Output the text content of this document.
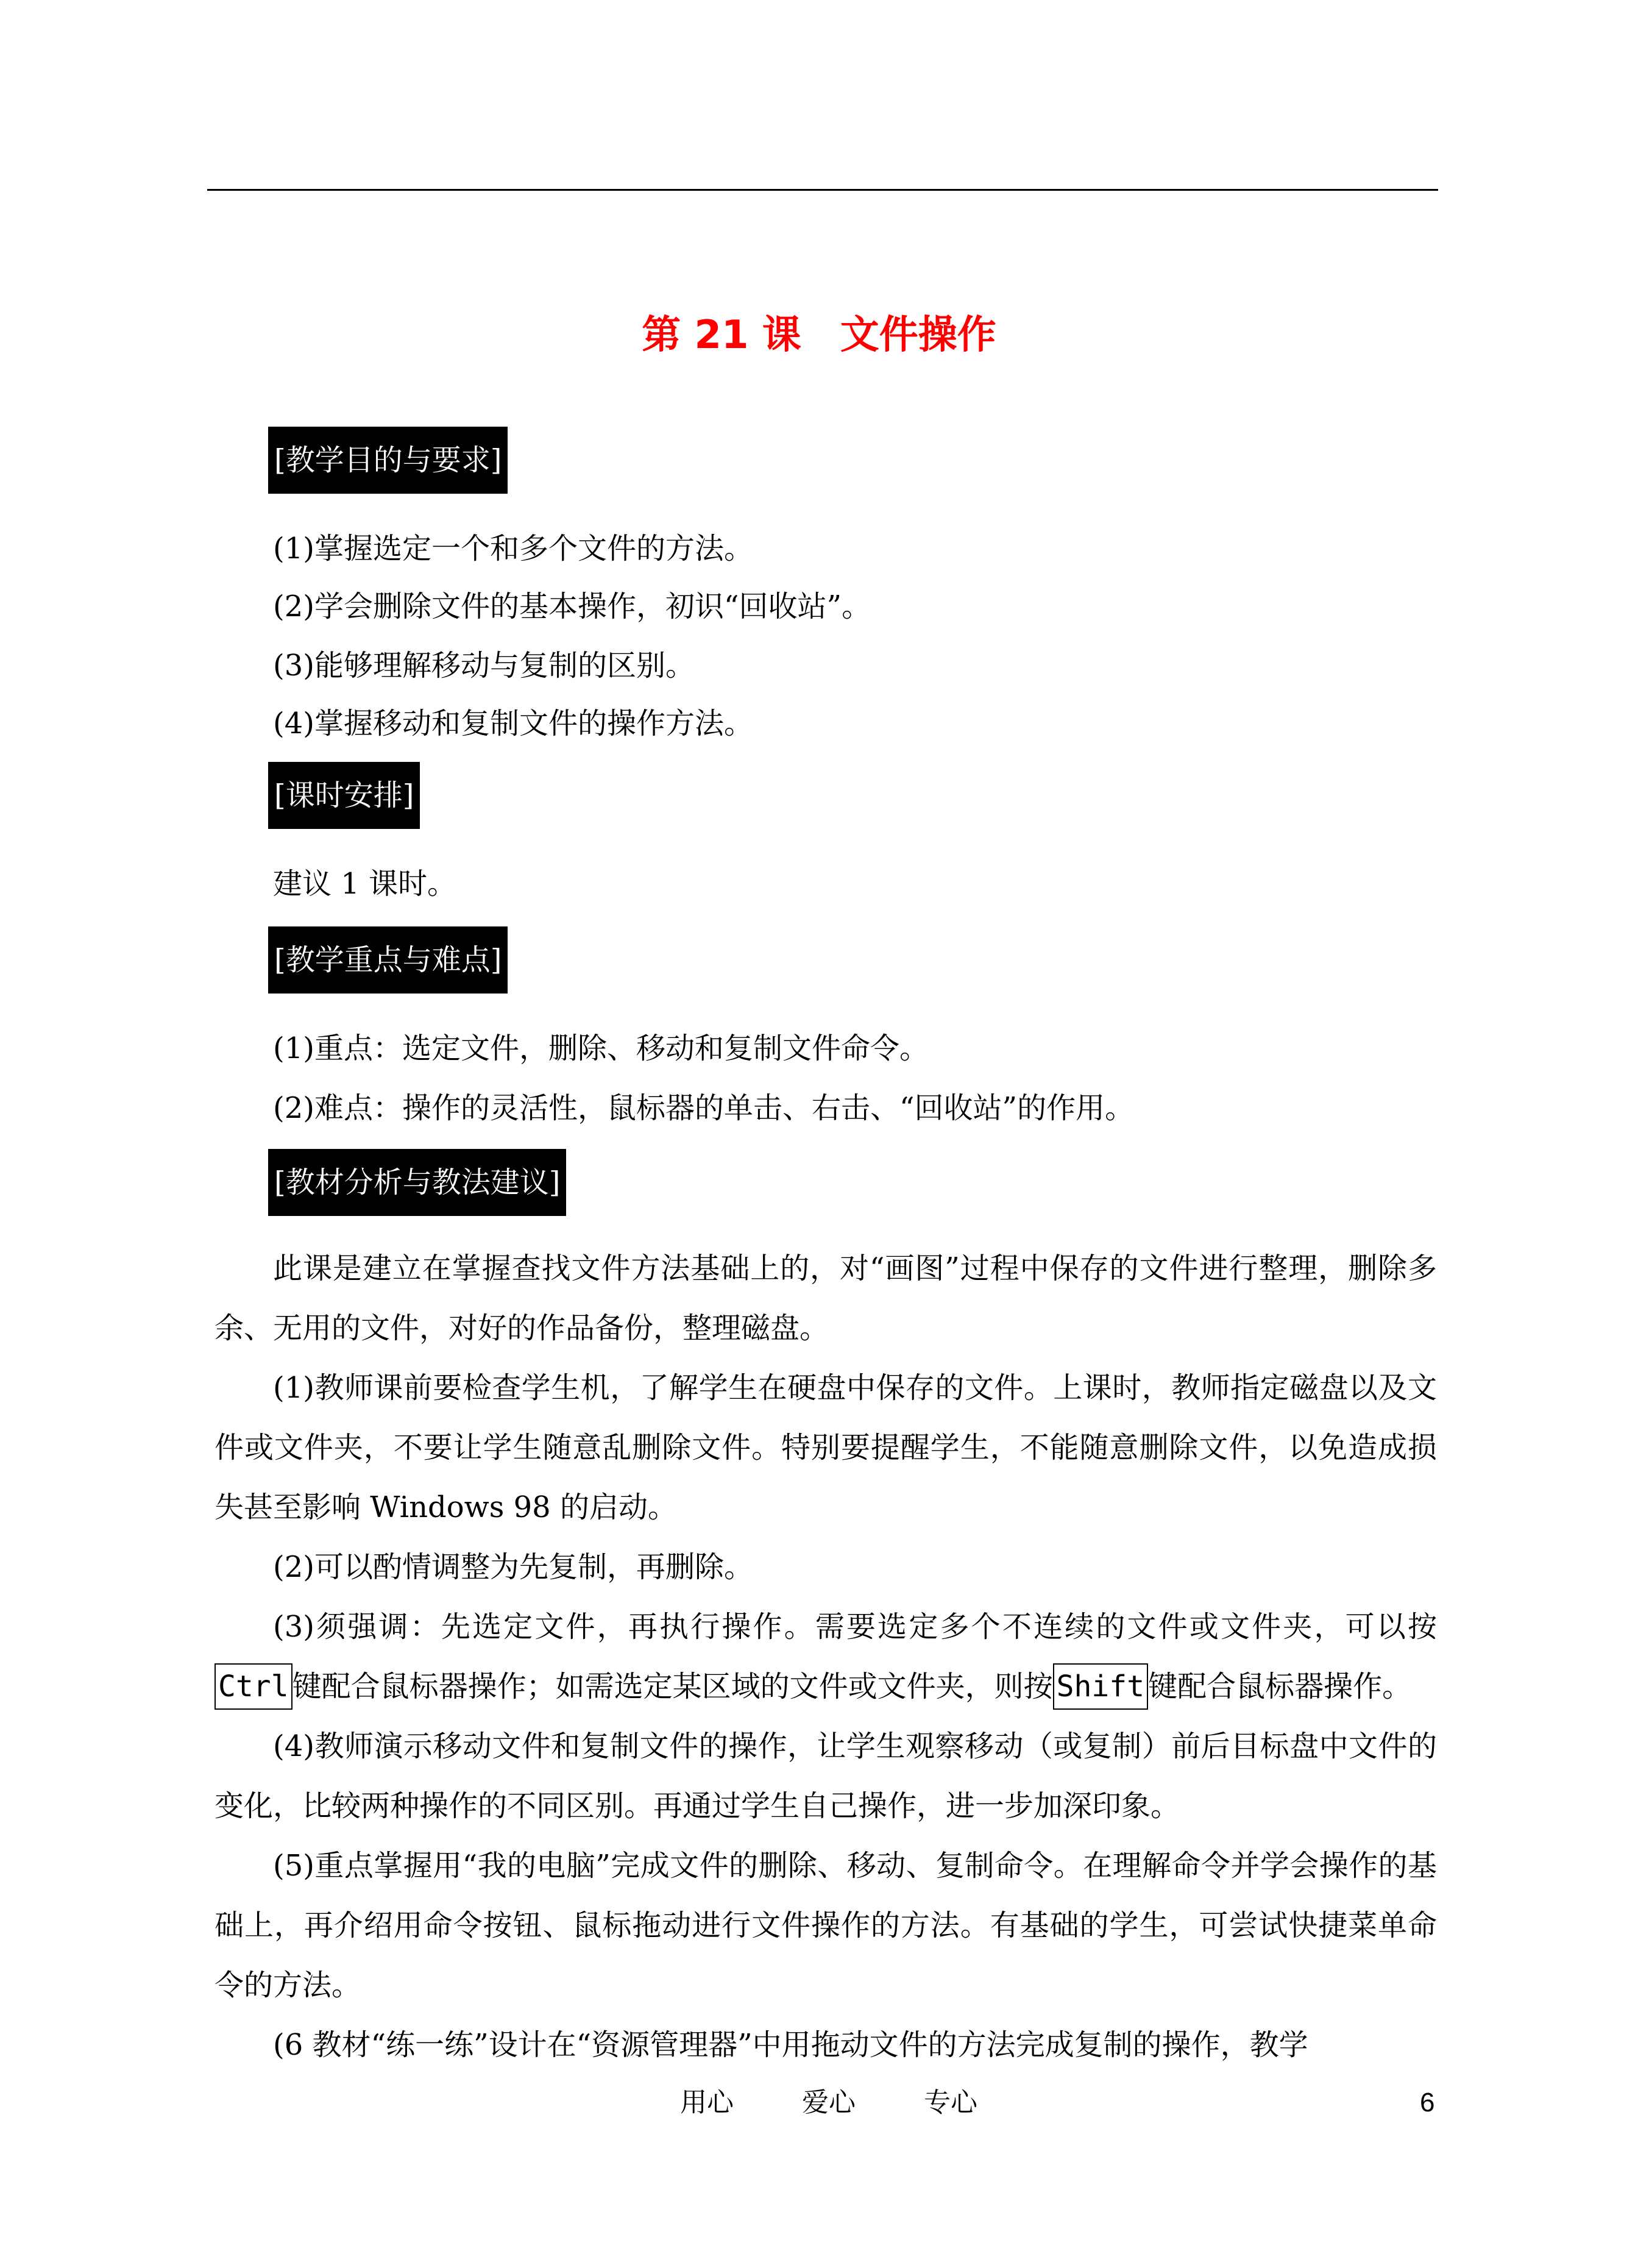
第 21 课　文件操作
[教学目的与要求]
(1)掌握选定一个和多个文件的方法。
(2)学会删除文件的基本操作，初识“回收站”。
(3)能够理解移动与复制的区别。
(4)掌握移动和复制文件的操作方法。
[课时安排]
建议 1 课时。
[教学重点与难点]
(1)重点：选定文件，删除、移动和复制文件命令。
(2)难点：操作的灵活性，鼠标器的单击、右击、“回收站”的作用。
[教材分析与教法建议]
此课是建立在掌握查找文件方法基础上的，对“画图”过程中保存的文件进行整理，删除多余、无用的文件，对好的作品备份，整理磁盘。
(1)教师课前要检查学生机，了解学生在硬盘中保存的文件。上课时，教师指定磁盘以及文件或文件夹，不要让学生随意乱删除文件。特别要提醒学生，不能随意删除文件，以免造成损失甚至影响 Windows 98 的启动。
(2)可以酌情调整为先复制，再删除。
(3)须强调：先选定文件，再执行操作。需要选定多个不连续的文件或文件夹，可以按Ctrl 键配合鼠标器操作；如需选定某区域的文件或文件夹，则按 Shift 键配合鼠标器操作。
(4)教师演示移动文件和复制文件的操作，让学生观察移动（或复制）前后目标盘中文件的变化，比较两种操作的不同区别。再通过学生自己操作，进一步加深印象。
(5)重点掌握用“我的电脑”完成文件的删除、移动、复制命令。在理解命令并学会操作的基础上，再介绍用命令按钮、鼠标拖动进行文件操作的方法。有基础的学生，可尝试快捷菜单命令的方法。
(6 教材“练一练”设计在“资源管理器”中用拖动文件的方法完成复制的操作，教学
用心	爱心	专心	6
